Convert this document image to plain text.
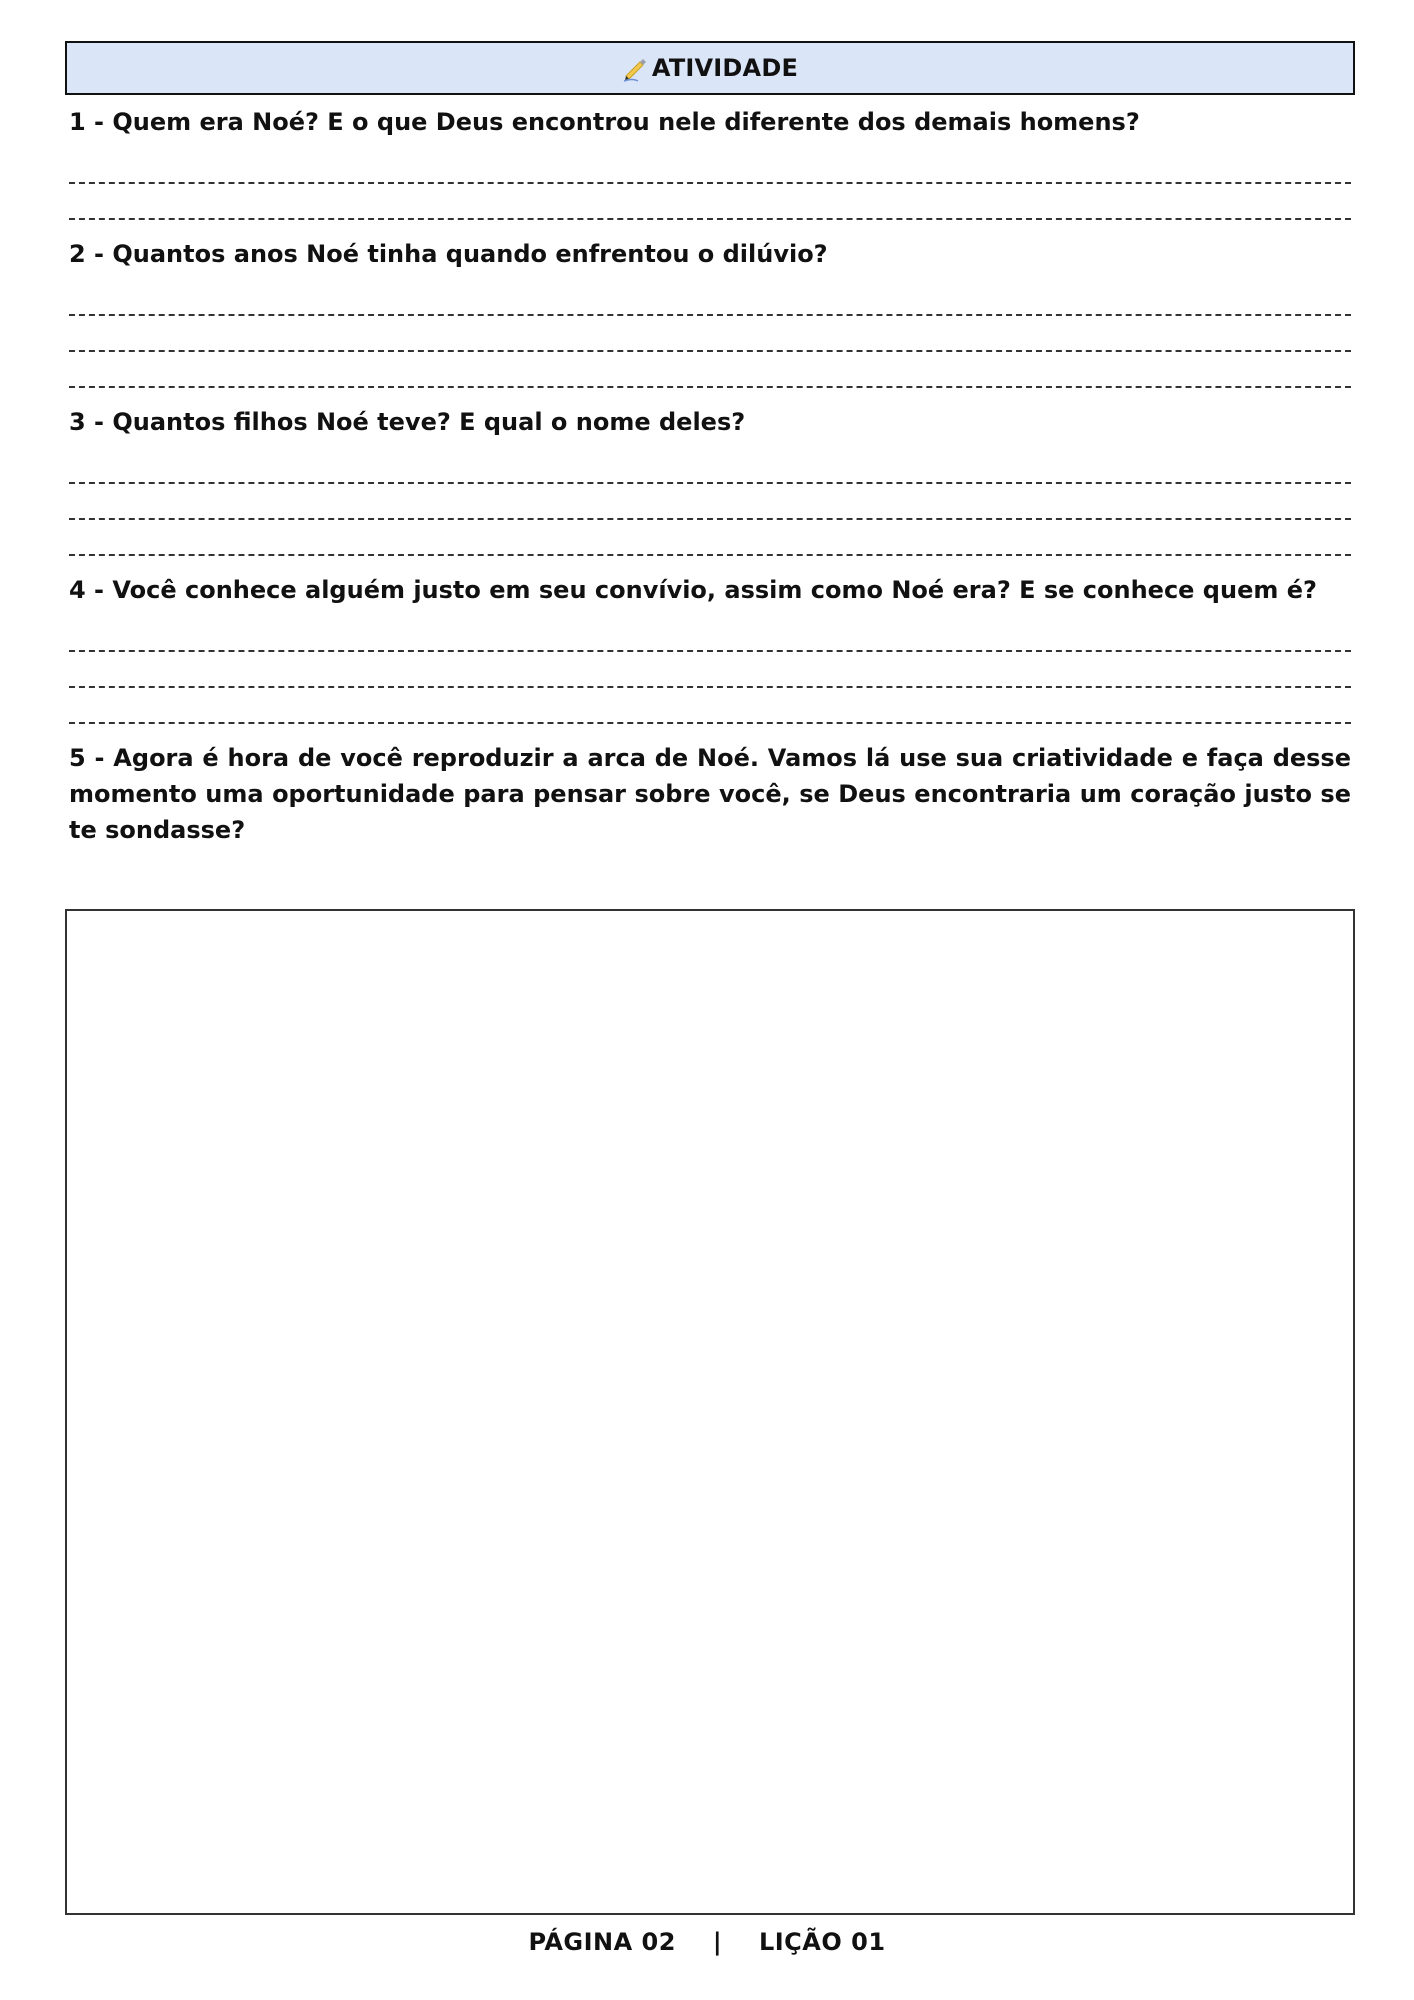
ATIVIDADE
1 - Quem era Noé? E o que Deus encontrou nele diferente dos demais homens?
2 - Quantos anos Noé tinha quando enfrentou o dilúvio?
3 - Quantos filhos Noé teve? E qual o nome deles?
4 - Você conhece alguém justo em seu convívio, assim como Noé era? E se conhece quem é?
5 - Agora é hora de você reproduzir a arca de Noé. Vamos lá use sua criatividade e faça desse momento uma oportunidade para pensar sobre você, se Deus encontraria um coração justo se te sondasse?
PÁGINA 02 | LIÇÃO 01
